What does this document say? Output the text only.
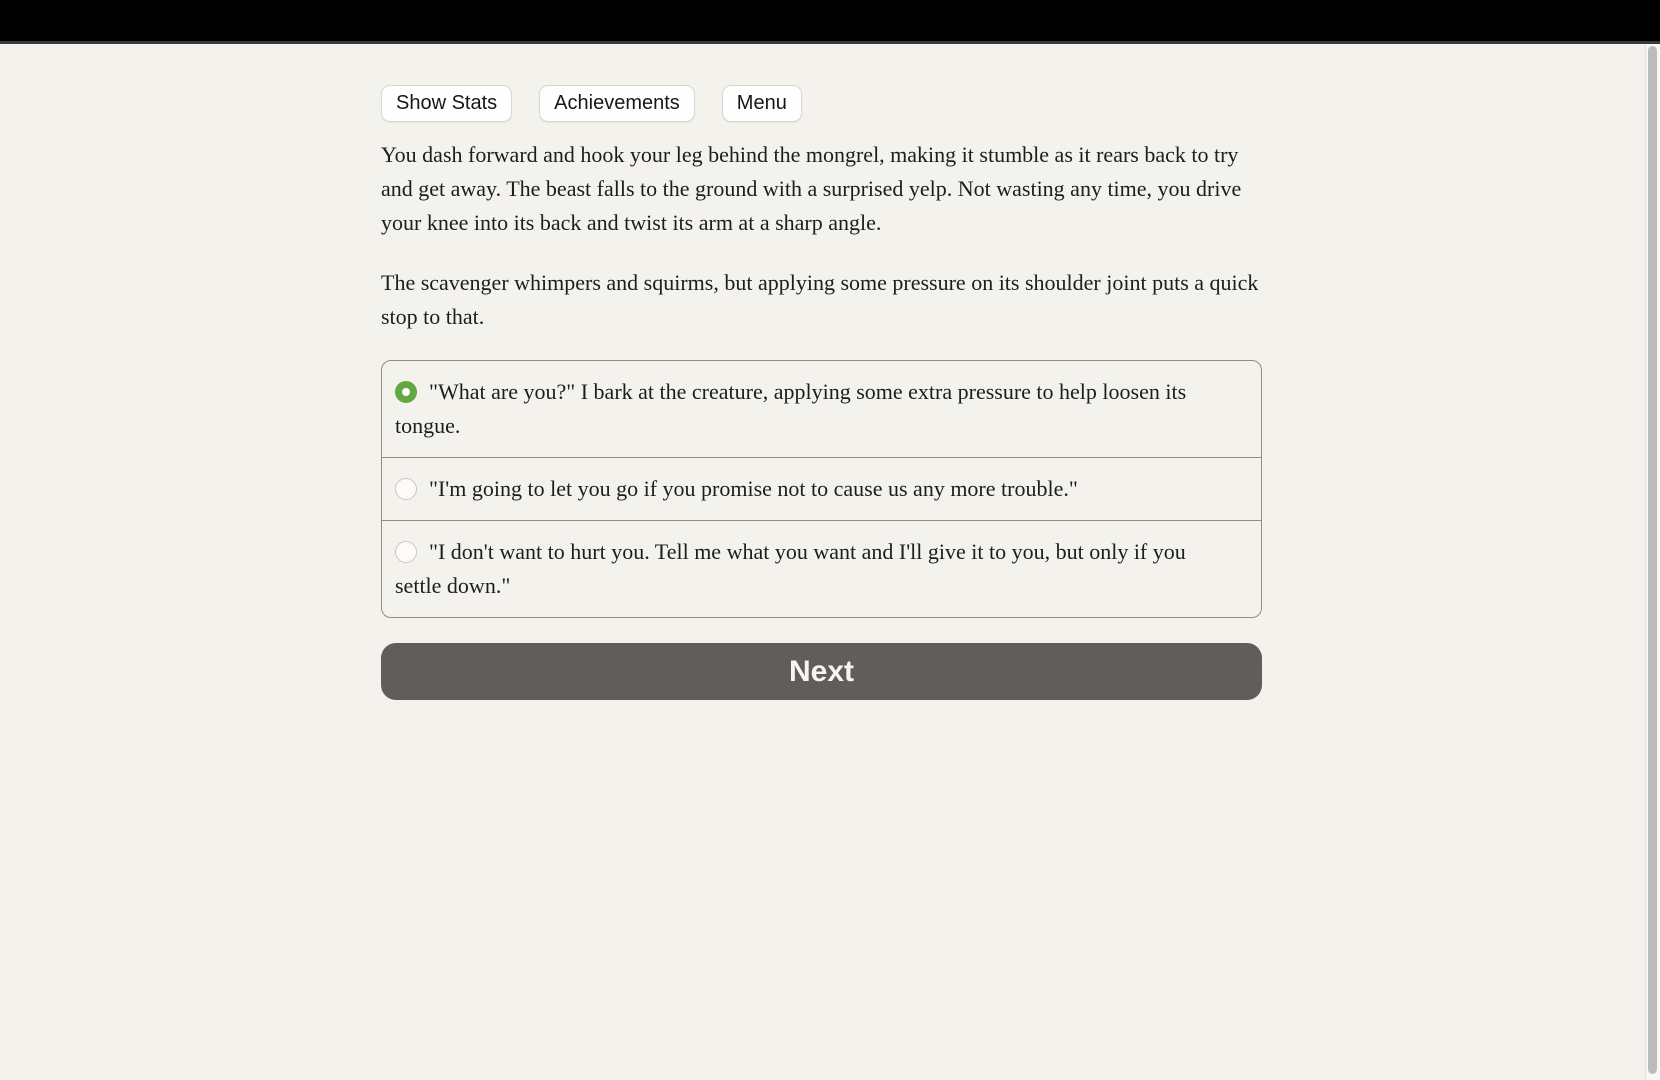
Show Stats	Achievements	Menu

You dash forward and hook your leg behind the mongrel, making it stumble as it rears back to try and get away. The beast falls to the ground with a surprised yelp. Not wasting any time, you drive your knee into its back and twist its arm at a sharp angle.

The scavenger whimpers and squirms, but applying some pressure on its shoulder joint puts a quick stop to that.

"What are you?" I bark at the creature, applying some extra pressure to help loosen its tongue.
"I'm going to let you go if you promise not to cause us any more trouble."
"I don't want to hurt you. Tell me what you want and I'll give it to you, but only if you settle down."
Next
